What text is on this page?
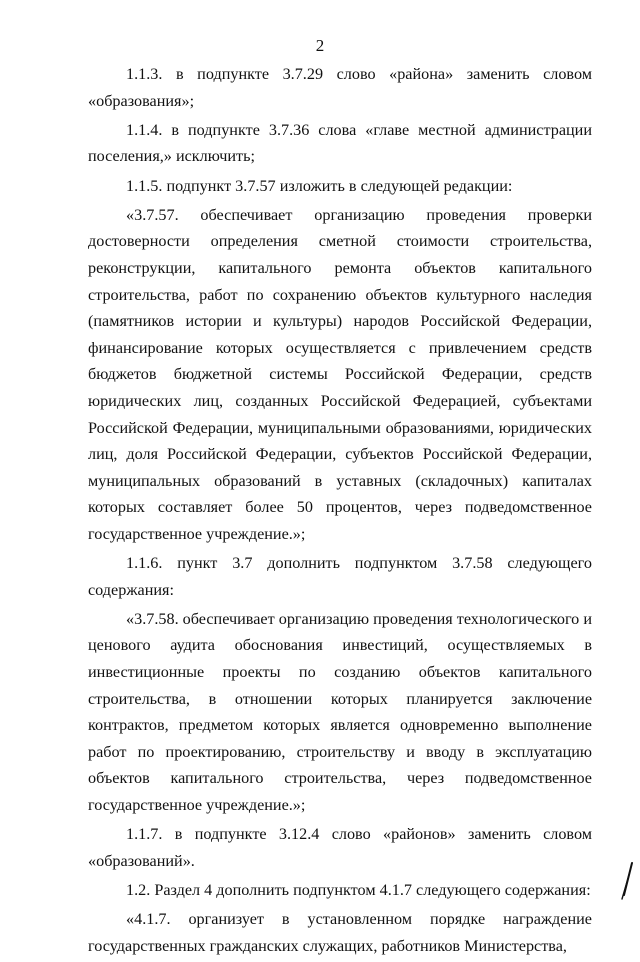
2

1.1.3. в подпункте 3.7.29 слово «района» заменить словом «образования»;

1.1.4. в подпункте 3.7.36 слова «главе местной администрации поселения,» исключить;

1.1.5. подпункт 3.7.57 изложить в следующей редакции:

«3.7.57. обеспечивает организацию проведения проверки достоверности определения сметной стоимости строительства, реконструкции, капитального ремонта объектов капитального строительства, работ по сохранению объектов культурного наследия (памятников истории и культуры) народов Российской Федерации, финансирование которых осуществляется с привлечением средств бюджетов бюджетной системы Российской Федерации, средств юридических лиц, созданных Российской Федерацией, субъектами Российской Федерации, муниципальными образованиями, юридических лиц, доля Российской Федерации, субъектов Российской Федерации, муниципальных образований в уставных (складочных) капиталах которых составляет более 50 процентов, через подведомственное государственное учреждение.»;

1.1.6. пункт 3.7 дополнить подпунктом 3.7.58 следующего содержания:

«3.7.58. обеспечивает организацию проведения технологического и ценового аудита обоснования инвестиций, осуществляемых в инвестиционные проекты по созданию объектов капитального строительства, в отношении которых планируется заключение контрактов, предметом которых является одновременно выполнение работ по проектированию, строительству и вводу в эксплуатацию объектов капитального строительства, через подведомственное государственное учреждение.»;

1.1.7. в подпункте 3.12.4 слово «районов» заменить словом «образований».

1.2. Раздел 4 дополнить подпунктом 4.1.7 следующего содержания:

«4.1.7. организует в установленном порядке награждение государственных гражданских служащих, работников Министерства,
